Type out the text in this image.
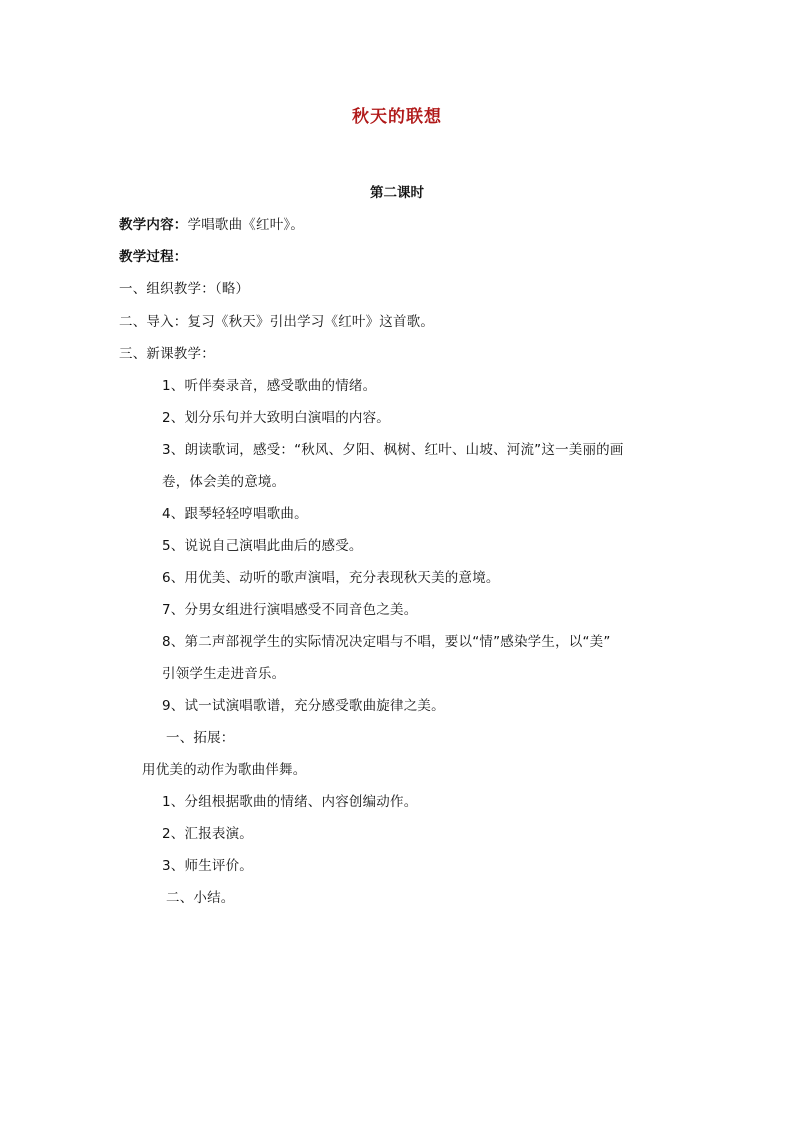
秋天的联想
第二课时
教学内容：学唱歌曲《红叶》。
教学过程：
一、组织教学：（略）
二、导入：复习《秋天》引出学习《红叶》这首歌。
三、新课教学：
1、听伴奏录音，感受歌曲的情绪。
2、划分乐句并大致明白演唱的内容。
3、朗读歌词，感受：“秋风、夕阳、枫树、红叶、山坡、河流”这一美丽的画
卷，体会美的意境。
4、跟琴轻轻哼唱歌曲。
5、说说自己演唱此曲后的感受。
6、用优美、动听的歌声演唱，充分表现秋天美的意境。
7、分男女组进行演唱感受不同音色之美。
8、第二声部视学生的实际情况决定唱与不唱，要以“情”感染学生，以“美”
引领学生走进音乐。
9、试一试演唱歌谱，充分感受歌曲旋律之美。
一、拓展：
用优美的动作为歌曲伴舞。
1、分组根据歌曲的情绪、内容创编动作。
2、汇报表演。
3、师生评价。
二、小结。
